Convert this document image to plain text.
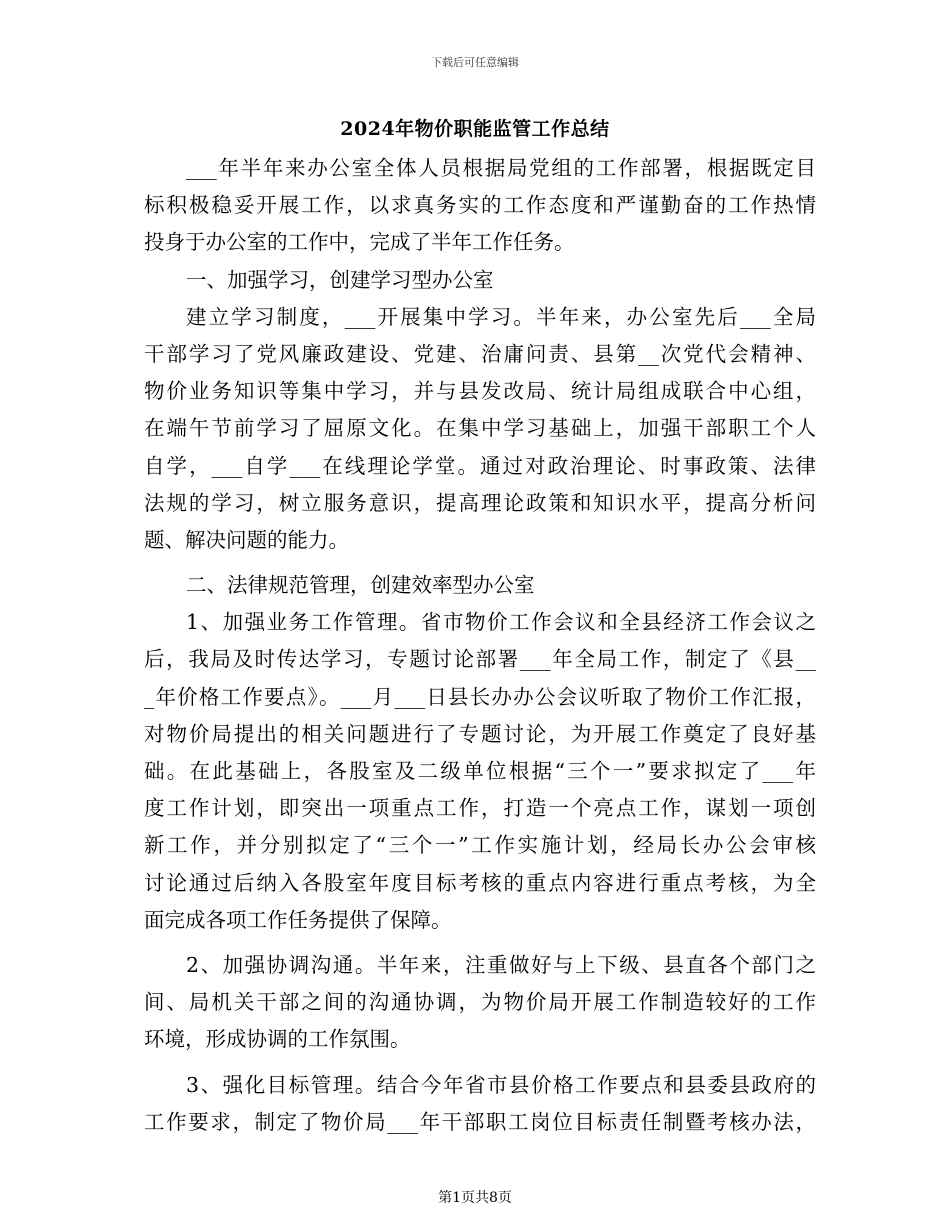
下载后可任意编辑
2024年物价职能监管工作总结
___年半年来办公室全体人员根据局党组的工作部署，根据既定目
标积极稳妥开展工作，以求真务实的工作态度和严谨勤奋的工作热情
投身于办公室的工作中，完成了半年工作任务。
一、加强学习，创建学习型办公室
建立学习制度，___开展集中学习。半年来，办公室先后___全局
干部学习了党风廉政建设、党建、治庸问责、县第__次党代会精神、
物价业务知识等集中学习，并与县发改局、统计局组成联合中心组，
在端午节前学习了屈原文化。在集中学习基础上，加强干部职工个人
自学，___自学___在线理论学堂。通过对政治理论、时事政策、法律
法规的学习，树立服务意识，提高理论政策和知识水平，提高分析问
题、解决问题的能力。
二、法律规范管理，创建效率型办公室
1、加强业务工作管理。省市物价工作会议和全县经济工作会议之
后，我局及时传达学习，专题讨论部署___年全局工作，制定了《县__
_年价格工作要点》。___月___日县长办办公会议听取了物价工作汇报，
对物价局提出的相关问题进行了专题讨论，为开展工作奠定了良好基
础。在此基础上，各股室及二级单位根据“三个一”要求拟定了___年
度工作计划，即突出一项重点工作，打造一个亮点工作，谋划一项创
新工作，并分别拟定了“三个一”工作实施计划，经局长办公会审核
讨论通过后纳入各股室年度目标考核的重点内容进行重点考核，为全
面完成各项工作任务提供了保障。
2、加强协调沟通。半年来，注重做好与上下级、县直各个部门之
间、局机关干部之间的沟通协调，为物价局开展工作制造较好的工作
环境，形成协调的工作氛围。
3、强化目标管理。结合今年省市县价格工作要点和县委县政府的
工作要求，制定了物价局___年干部职工岗位目标责任制暨考核办法，
第1页共8页
